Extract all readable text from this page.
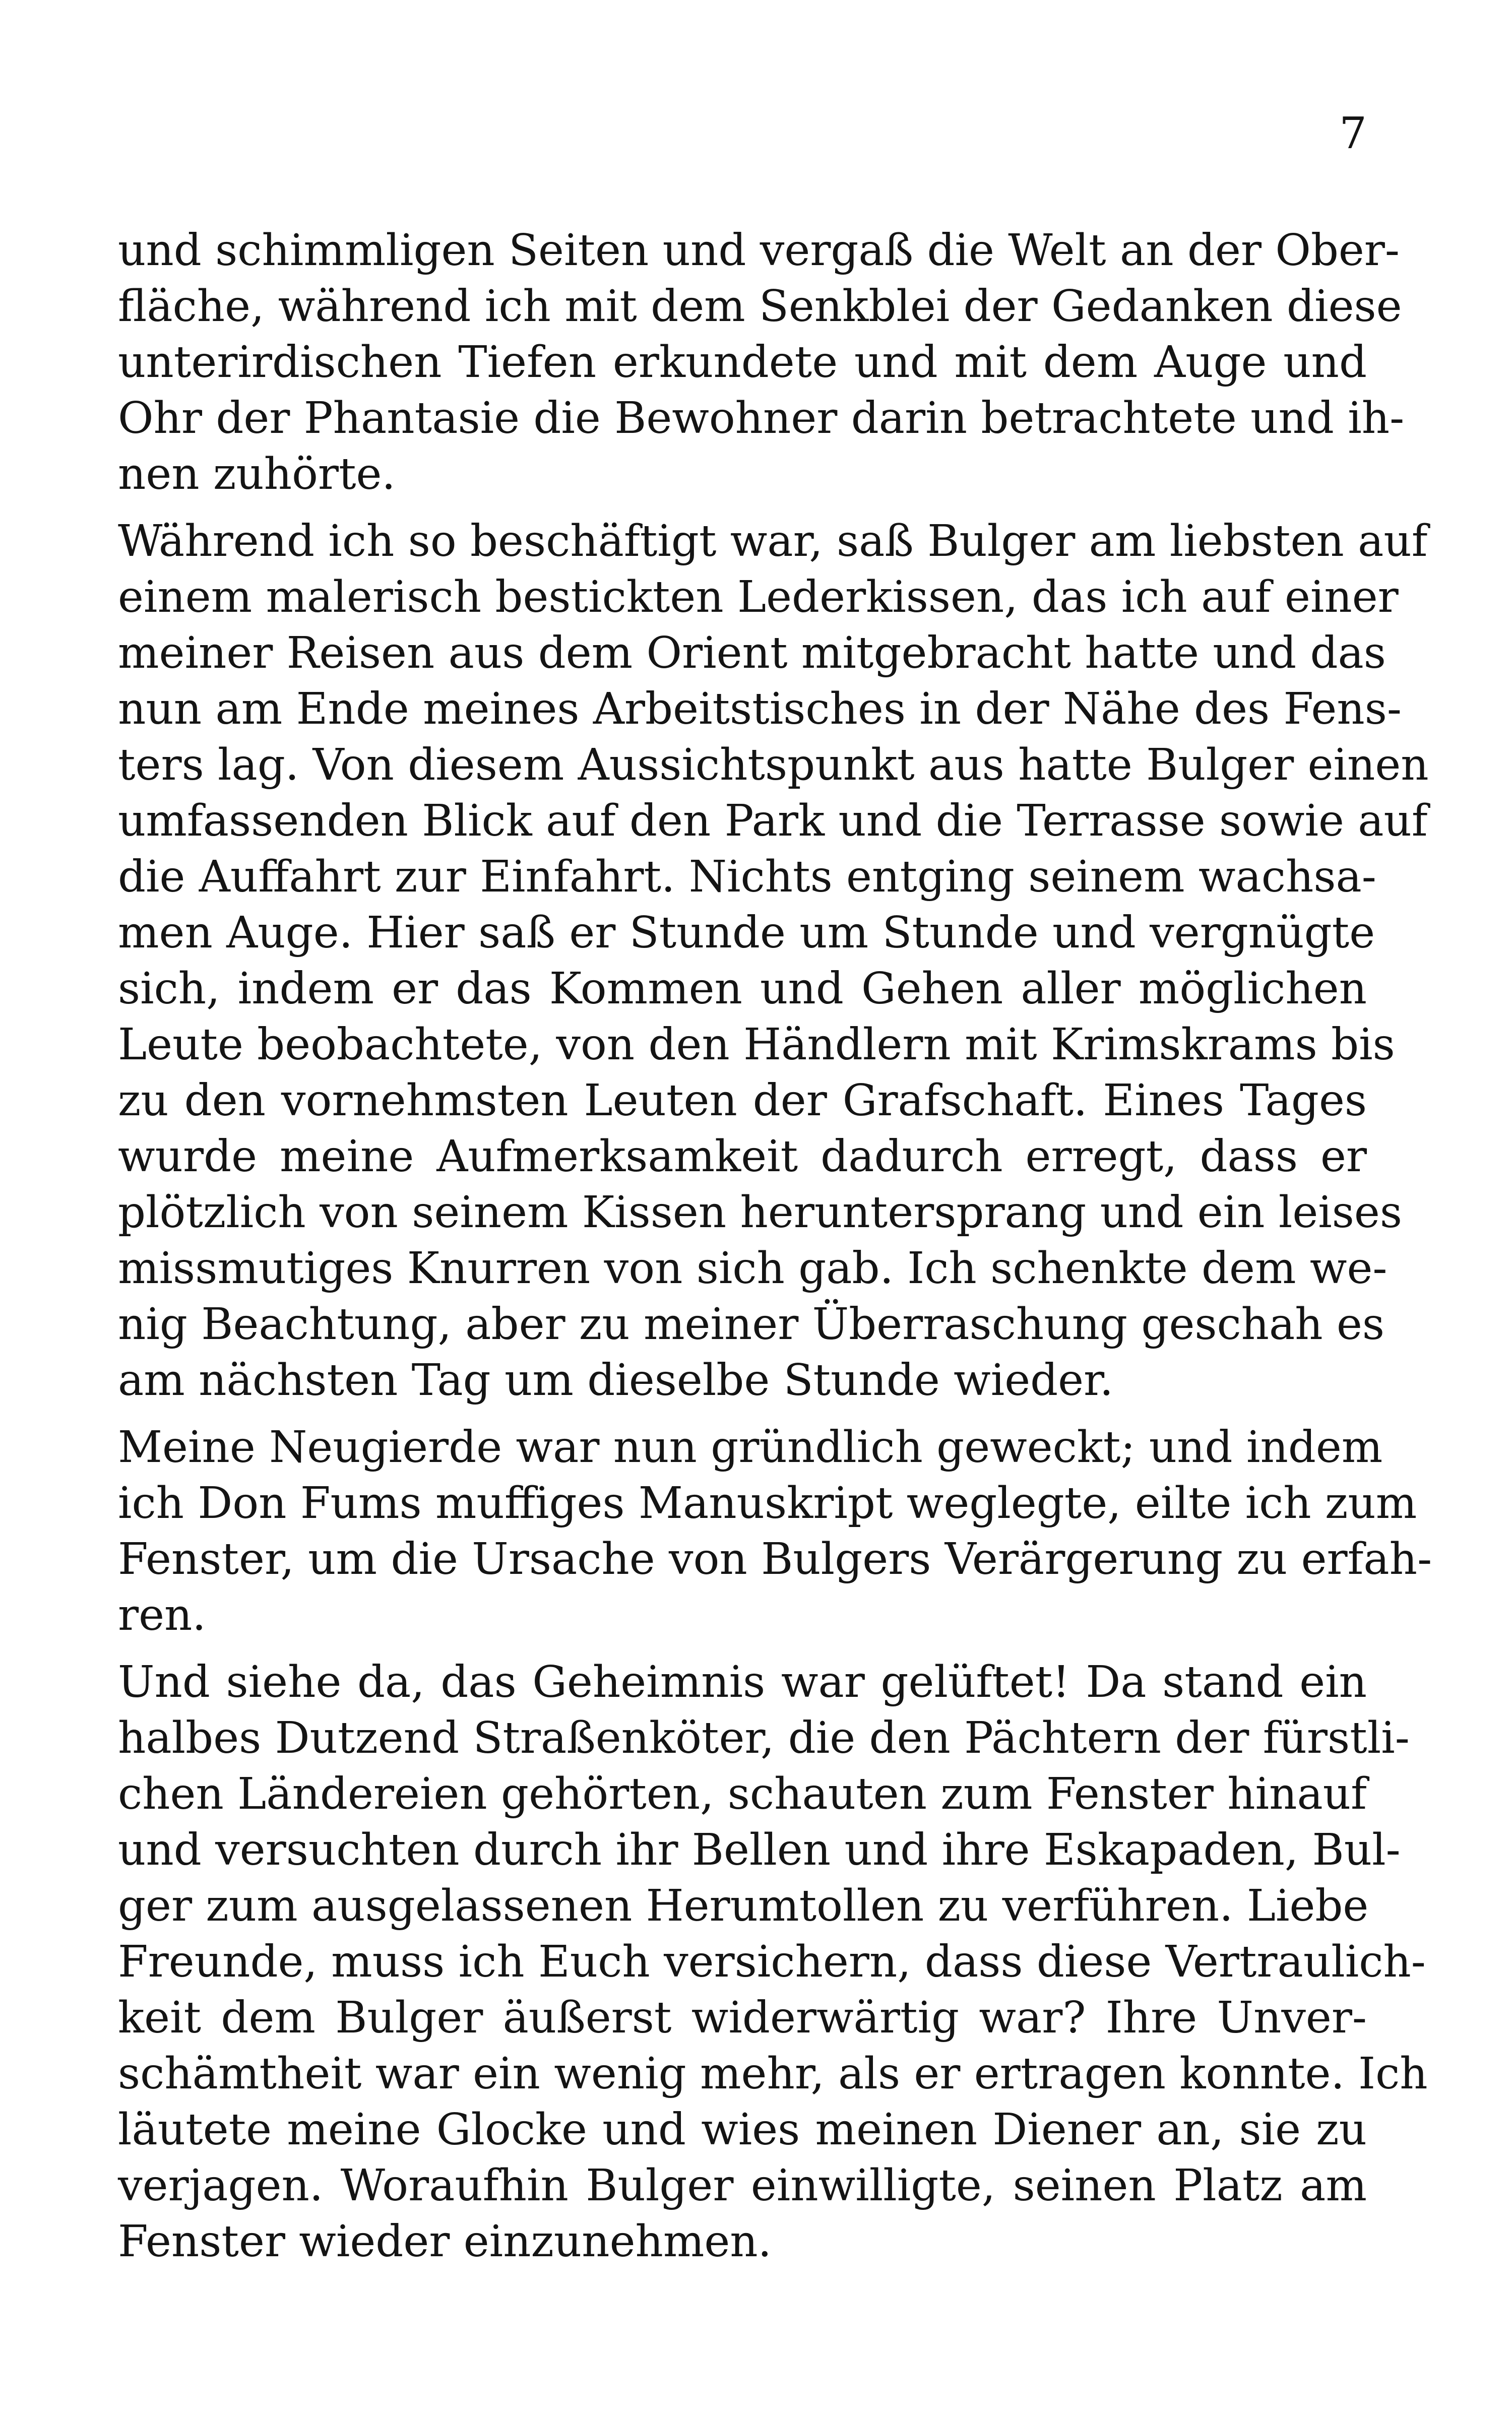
7

und schimmligen Seiten und vergaß die Welt an der Ober-
fläche, während ich mit dem Senkblei der Gedanken diese
unterirdischen Tiefen erkundete und mit dem Auge und
Ohr der Phantasie die Bewohner darin betrachtete und ih-
nen zuhörte.

Während ich so beschäftigt war, saß Bulger am liebsten auf
einem malerisch bestickten Lederkissen, das ich auf einer
meiner Reisen aus dem Orient mitgebracht hatte und das
nun am Ende meines Arbeitstisches in der Nähe des Fens-
ters lag. Von diesem Aussichtspunkt aus hatte Bulger einen
umfassenden Blick auf den Park und die Terrasse sowie auf
die Auffahrt zur Einfahrt. Nichts entging seinem wachsa-
men Auge. Hier saß er Stunde um Stunde und vergnügte
sich, indem er das Kommen und Gehen aller möglichen
Leute beobachtete, von den Händlern mit Krimskrams bis
zu den vornehmsten Leuten der Grafschaft. Eines Tages
wurde meine Aufmerksamkeit dadurch erregt, dass er
plötzlich von seinem Kissen heruntersprang und ein leises
missmutiges Knurren von sich gab. Ich schenkte dem we-
nig Beachtung, aber zu meiner Überraschung geschah es
am nächsten Tag um dieselbe Stunde wieder.

Meine Neugierde war nun gründlich geweckt; und indem
ich Don Fums muffiges Manuskript weglegte, eilte ich zum
Fenster, um die Ursache von Bulgers Verärgerung zu erfah-
ren.

Und siehe da, das Geheimnis war gelüftet! Da stand ein
halbes Dutzend Straßenköter, die den Pächtern der fürstli-
chen Ländereien gehörten, schauten zum Fenster hinauf
und versuchten durch ihr Bellen und ihre Eskapaden, Bul-
ger zum ausgelassenen Herumtollen zu verführen. Liebe
Freunde, muss ich Euch versichern, dass diese Vertraulich-
keit dem Bulger äußerst widerwärtig war? Ihre Unver-
schämtheit war ein wenig mehr, als er ertragen konnte. Ich
läutete meine Glocke und wies meinen Diener an, sie zu
verjagen. Woraufhin Bulger einwilligte, seinen Platz am
Fenster wieder einzunehmen.
